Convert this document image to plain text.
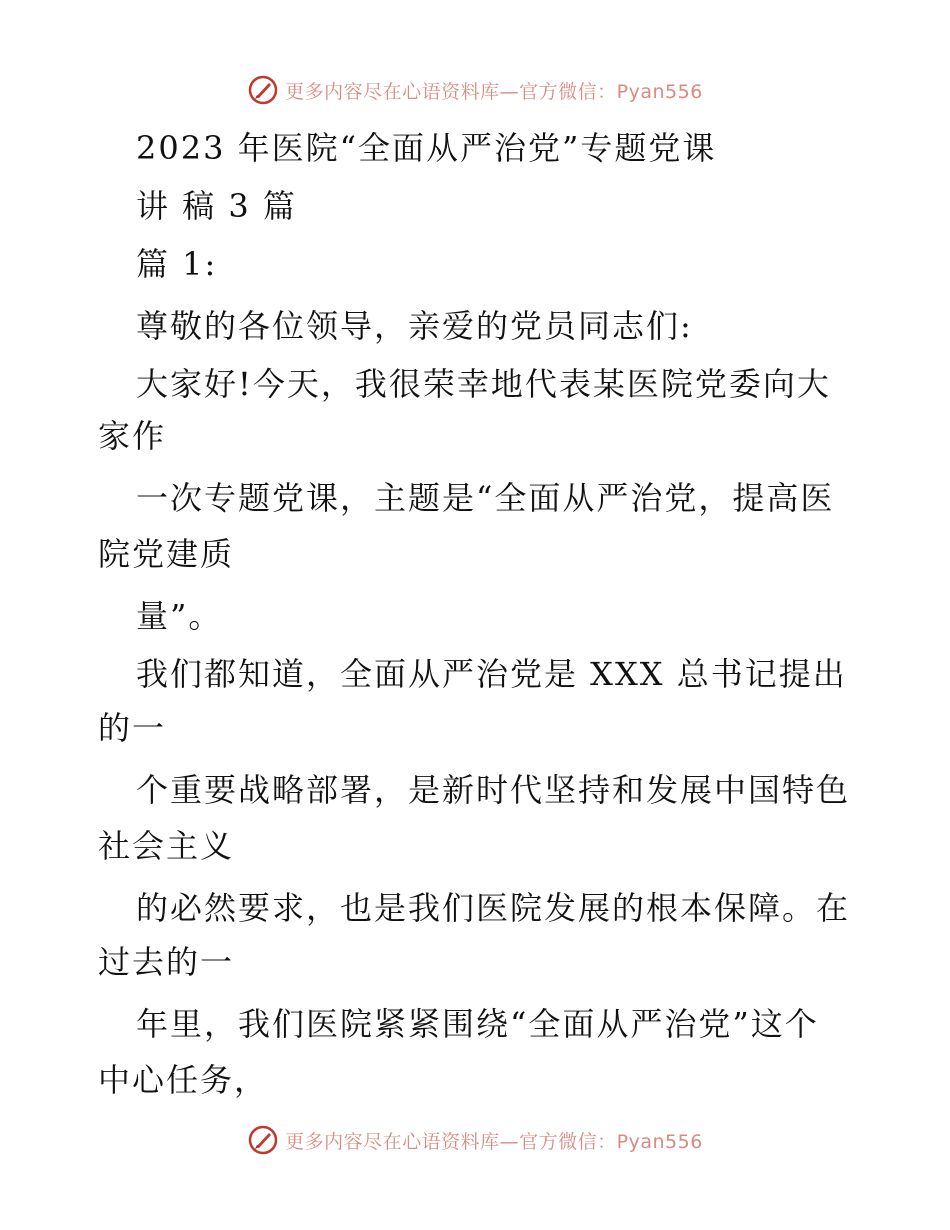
更多内容尽在心语资料库—官方微信：Pyan556
2023 年医院“全面从严治党”专题党课
讲 稿 3 篇
篇 1:
尊敬的各位领导，亲爱的党员同志们:
大家好!今天，我很荣幸地代表某医院党委向大
家作
一次专题党课，主题是“全面从严治党，提高医
院党建质
量”。
我们都知道，全面从严治党是 XXX 总书记提出
的一
个重要战略部署，是新时代坚持和发展中国特色
社会主义
的必然要求，也是我们医院发展的根本保障。在
过去的一
年里，我们医院紧紧围绕“全面从严治党”这个
中心任务，
更多内容尽在心语资料库—官方微信：Pyan556
